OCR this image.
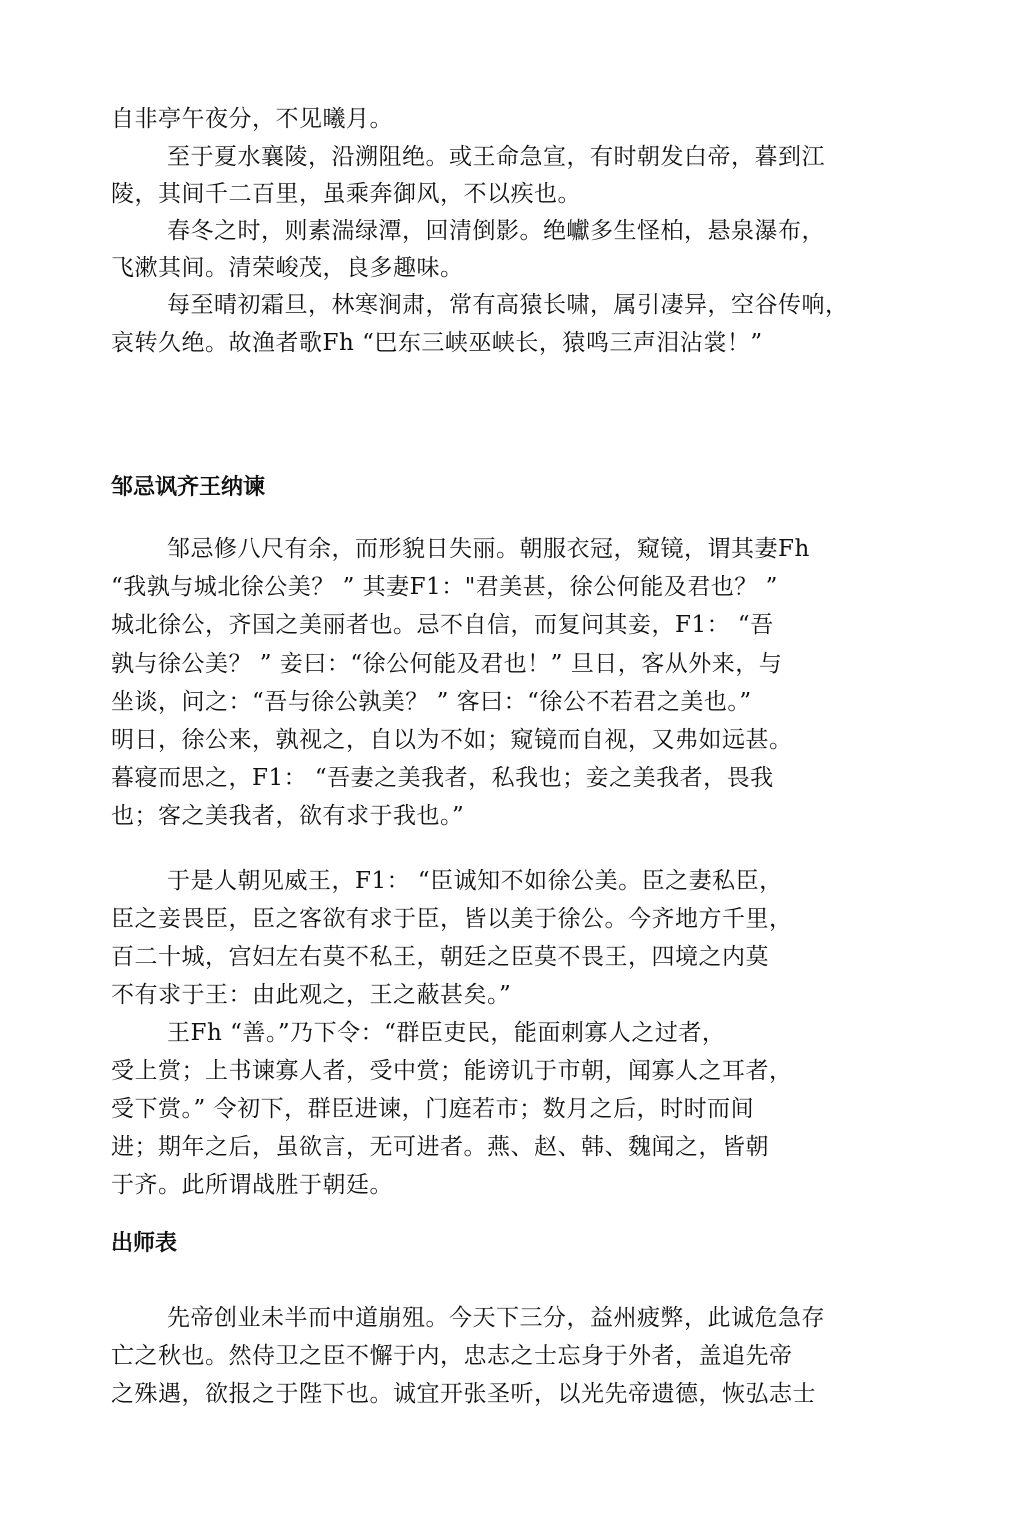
自非亭午夜分，不见曦月。
至于夏水襄陵，沿溯阻绝。或王命急宣，有时朝发白帝，暮到江
陵，其间千二百里，虽乘奔御风，不以疾也。
春冬之时，则素湍绿潭，回清倒影。绝巘多生怪柏，悬泉瀑布，
飞漱其间。清荣峻茂，良多趣味。
每至晴初霜旦，林寒涧肃，常有高猿长啸，属引凄异，空谷传响，
哀转久绝。故渔者歌Fh “巴东三峡巫峡长，猿鸣三声泪沾裳！”
邹忌讽齐王纳谏
邹忌修八尺有余，而形貌日失丽。朝服衣冠，窥镜，谓其妻Fh
“我孰与城北徐公美？ ” 其妻F1："君美甚，徐公何能及君也？ ”
城北徐公，齐国之美丽者也。忌不自信，而复问其妾，F1： “吾
孰与徐公美？ ” 妾曰：“徐公何能及君也！” 旦日，客从外来，与
坐谈，问之：“吾与徐公孰美？ ” 客曰：“徐公不若君之美也。”
明日，徐公来，孰视之，自以为不如；窥镜而自视，又弗如远甚。
暮寝而思之，F1： “吾妻之美我者，私我也；妾之美我者，畏我
也；客之美我者，欲有求于我也。”
于是人朝见威王，F1： “臣诚知不如徐公美。臣之妻私臣，
臣之妾畏臣，臣之客欲有求于臣，皆以美于徐公。今齐地方千里，
百二十城，宫妇左右莫不私王，朝廷之臣莫不畏王，四境之内莫
不有求于王：由此观之，王之蔽甚矣。”
王Fh “善。”乃下令：“群臣吏民，能面刺寡人之过者，
受上赏；上书谏寡人者，受中赏；能谤讥于市朝，闻寡人之耳者，
受下赏。” 令初下，群臣进谏，门庭若市；数月之后，时时而间
进；期年之后，虽欲言，无可进者。燕、赵、韩、魏闻之，皆朝
于齐。此所谓战胜于朝廷。
出师表
先帝创业未半而中道崩殂。今天下三分，益州疲弊，此诚危急存
亡之秋也。然侍卫之臣不懈于内，忠志之士忘身于外者，盖追先帝
之殊遇，欲报之于陛下也。诚宜开张圣听，以光先帝遗德，恢弘志士
